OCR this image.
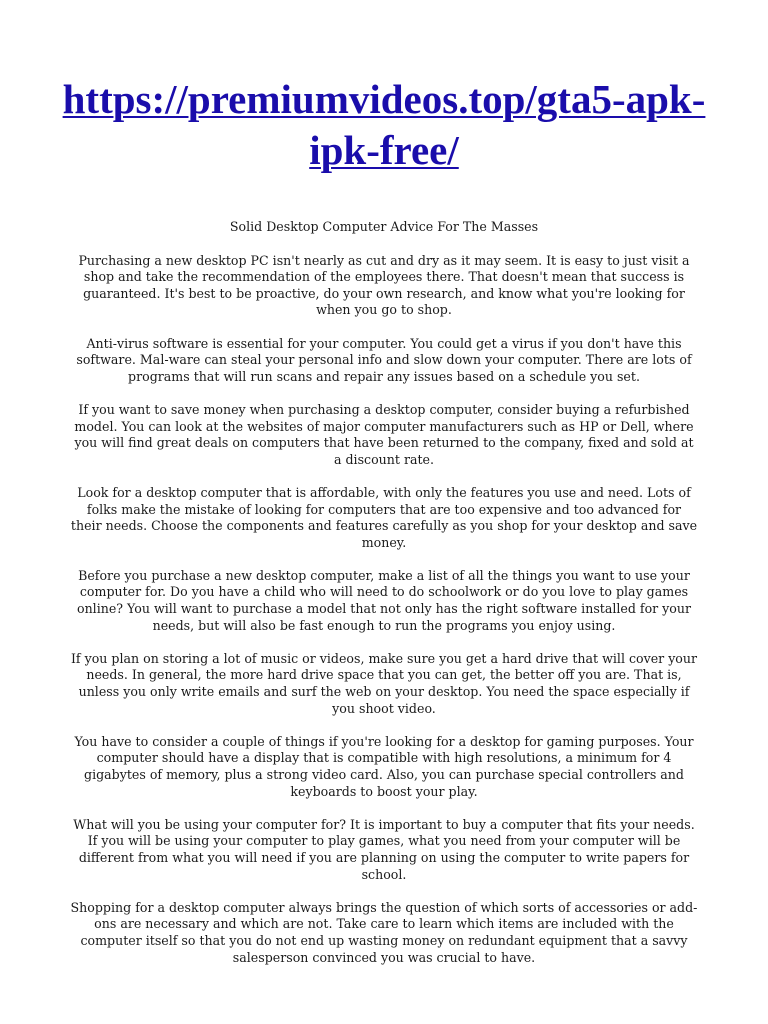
https://premiumvideos.top/gta5-apk-ipk-free/
Solid Desktop Computer Advice For The Masses

Purchasing a new desktop PC isn't nearly as cut and dry as it may seem. It is easy to just visit a shop and take the recommendation of the employees there. That doesn't mean that success is guaranteed. It's best to be proactive, do your own research, and know what you're looking for when you go to shop.

Anti-virus software is essential for your computer. You could get a virus if you don't have this software. Mal-ware can steal your personal info and slow down your computer. There are lots of programs that will run scans and repair any issues based on a schedule you set.

If you want to save money when purchasing a desktop computer, consider buying a refurbished model. You can look at the websites of major computer manufacturers such as HP or Dell, where you will find great deals on computers that have been returned to the company, fixed and sold at a discount rate.

Look for a desktop computer that is affordable, with only the features you use and need. Lots of folks make the mistake of looking for computers that are too expensive and too advanced for their needs. Choose the components and features carefully as you shop for your desktop and save money.

Before you purchase a new desktop computer, make a list of all the things you want to use your computer for. Do you have a child who will need to do schoolwork or do you love to play games online? You will want to purchase a model that not only has the right software installed for your needs, but will also be fast enough to run the programs you enjoy using.

If you plan on storing a lot of music or videos, make sure you get a hard drive that will cover your needs. In general, the more hard drive space that you can get, the better off you are. That is, unless you only write emails and surf the web on your desktop. You need the space especially if you shoot video.

You have to consider a couple of things if you're looking for a desktop for gaming purposes. Your computer should have a display that is compatible with high resolutions, a minimum for 4 gigabytes of memory, plus a strong video card. Also, you can purchase special controllers and keyboards to boost your play.

What will you be using your computer for? It is important to buy a computer that fits your needs. If you will be using your computer to play games, what you need from your computer will be different from what you will need if you are planning on using the computer to write papers for school.

Shopping for a desktop computer always brings the question of which sorts of accessories or add-ons are necessary and which are not. Take care to learn which items are included with the computer itself so that you do not end up wasting money on redundant equipment that a savvy salesperson convinced you was crucial to have.
